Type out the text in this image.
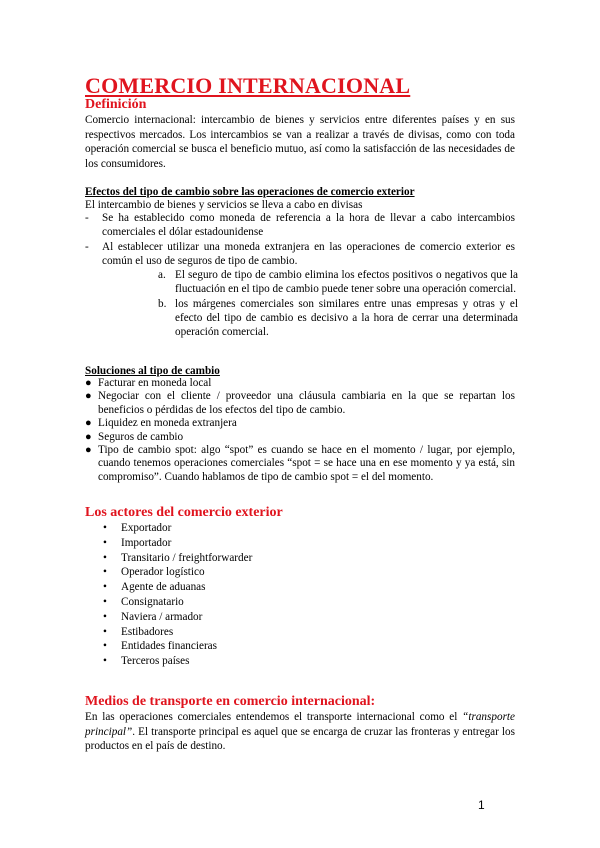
COMERCIO INTERNACIONAL
Definición

Comercio internacional: intercambio de bienes y servicios entre diferentes países y en sus respectivos mercados. Los intercambios se van a realizar a través de divisas, como con toda operación comercial se busca el beneficio mutuo, así como la satisfacción de las necesidades de los consumidores.

Efectos del tipo de cambio sobre las operaciones de comercio exterior

El intercambio de bienes y servicios se lleva a cabo en divisas

- Se ha establecido como moneda de referencia a la hora de llevar a cabo intercambios comerciales el dólar estadounidense
- Al establecer utilizar una moneda extranjera en las operaciones de comercio exterior es común el uso de seguros de tipo de cambio.
a. El seguro de tipo de cambio elimina los efectos positivos o negativos que la fluctuación en el tipo de cambio puede tener sobre una operación comercial.
b. los márgenes comerciales son similares entre unas empresas y otras y el efecto del tipo de cambio es decisivo a la hora de cerrar una determinada operación comercial.

Soluciones al tipo de cambio

● Facturar en moneda local
● Negociar con el cliente / proveedor una cláusula cambiaria en la que se repartan los beneficios o pérdidas de los efectos del tipo de cambio.
● Liquidez en moneda extranjera
● Seguros de cambio
● Tipo de cambio spot: algo “spot” es cuando se hace en el momento / lugar, por ejemplo, cuando tenemos operaciones comerciales “spot = se hace una en ese momento y ya está, sin compromiso”. Cuando hablamos de tipo de cambio spot = el del momento.
Los actores del comercio exterior
• Exportador
• Importador
• Transitario / freightforwarder
• Operador logístico
• Agente de aduanas
• Consignatario
• Naviera / armador
• Estibadores
• Entidades financieras
• Terceros países
Medios de transporte en comercio internacional:

En las operaciones comerciales entendemos el transporte internacional como el “transporte principal”. El transporte principal es aquel que se encarga de cruzar las fronteras y entregar los productos en el país de destino.

1
